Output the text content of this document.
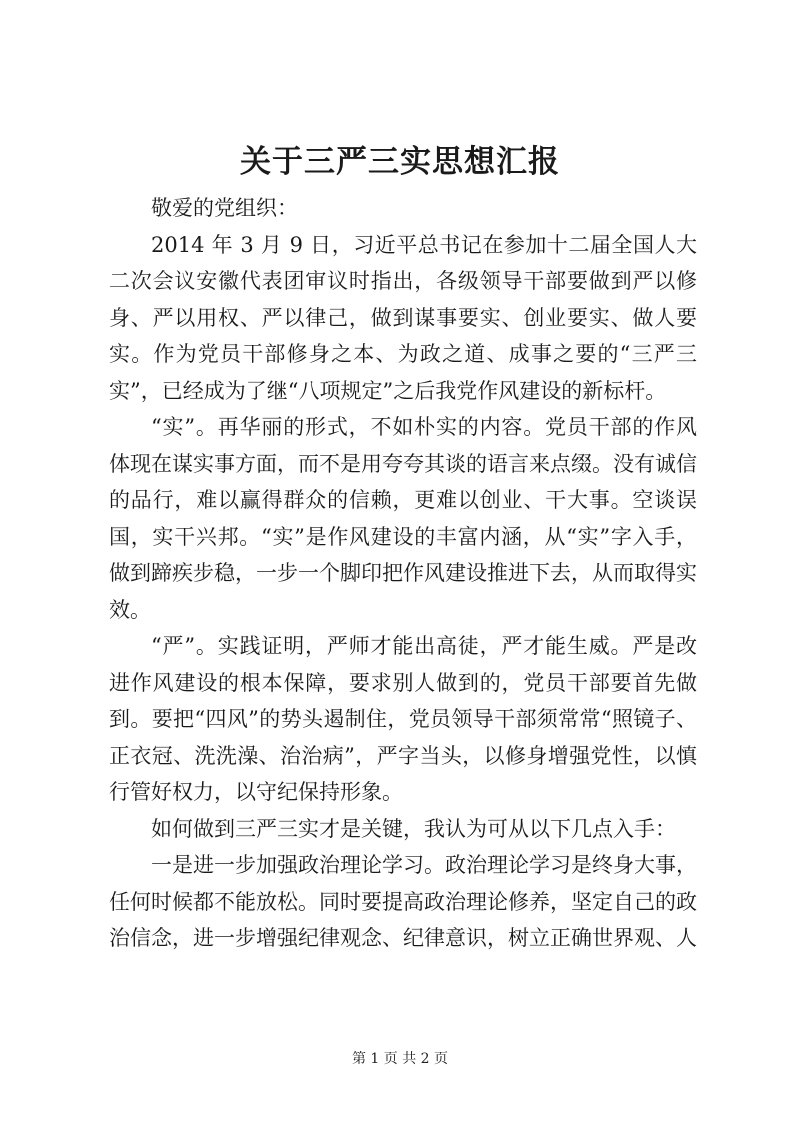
关于三严三实思想汇报

敬爱的党组织：

2014 年 3 月 9 日，习近平总书记在参加十二届全国人大二次会议安徽代表团审议时指出，各级领导干部要做到严以修身、严以用权、严以律己，做到谋事要实、创业要实、做人要实。作为党员干部修身之本、为政之道、成事之要的“三严三实”，已经成为了继“八项规定”之后我党作风建设的新标杆。

“实”。再华丽的形式，不如朴实的内容。党员干部的作风体现在谋实事方面，而不是用夸夸其谈的语言来点缀。没有诚信的品行，难以赢得群众的信赖，更难以创业、干大事。空谈误国，实干兴邦。“实”是作风建设的丰富内涵，从“实”字入手，做到蹄疾步稳，一步一个脚印把作风建设推进下去，从而取得实效。

“严”。实践证明，严师才能出高徒，严才能生威。严是改进作风建设的根本保障，要求别人做到的，党员干部要首先做到。要把“四风”的势头遏制住，党员领导干部须常常“照镜子、正衣冠、洗洗澡、治治病”，严字当头，以修身增强党性，以慎行管好权力，以守纪保持形象。

如何做到三严三实才是关键，我认为可从以下几点入手：

一是进一步加强政治理论学习。政治理论学习是终身大事，任何时候都不能放松。同时要提高政治理论修养，坚定自己的政治信念，进一步增强纪律观念、纪律意识，树立正确世界观、人

第 1 页 共 2 页
